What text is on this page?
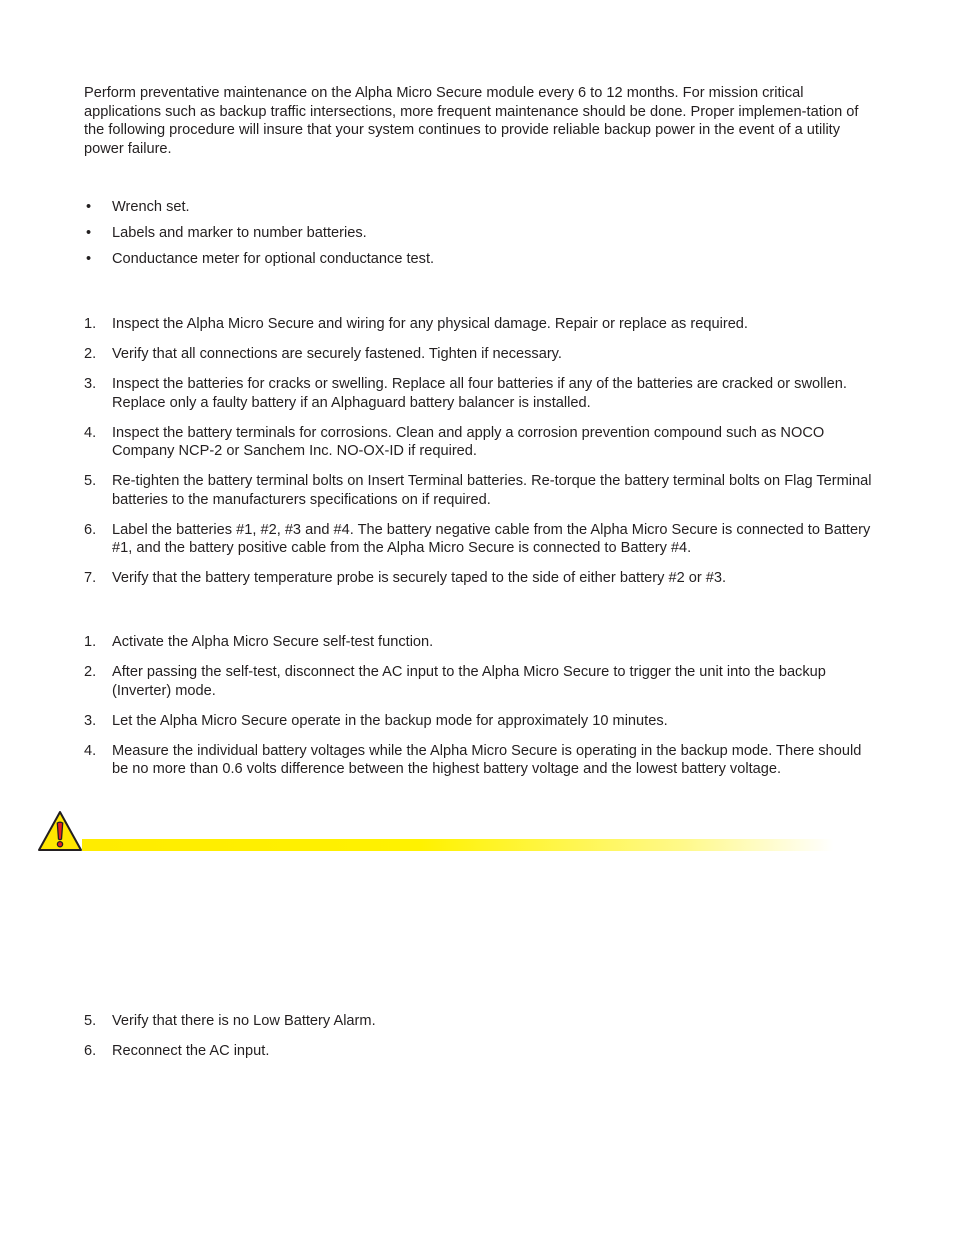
Perform preventative maintenance on the Alpha Micro Secure module every 6 to 12 months. For mission critical applications such as backup traffic intersections, more frequent maintenance should be done. Proper implemen-tation of the following procedure will insure that your system continues to provide reliable backup power in the event of a utility power failure.

• Wrench set.
• Labels and marker to number batteries.
• Conductance meter for optional conductance test.
1. Inspect the Alpha Micro Secure and wiring for any physical damage. Repair or replace as required.
2. Verify that all connections are securely fastened. Tighten if necessary.
3. Inspect the batteries for cracks or swelling. Replace all four batteries if any of the batteries are cracked or swollen. Replace only a faulty battery if an Alphaguard battery balancer is installed.
4. Inspect the battery terminals for corrosions. Clean and apply a corrosion prevention compound such as NOCO Company NCP-2 or Sanchem Inc. NO-OX-ID if required.
5. Re-tighten the battery terminal bolts on Insert Terminal batteries. Re-torque the battery terminal bolts on Flag Terminal batteries to the manufacturers specifications on if required.
6. Label the batteries #1, #2, #3 and #4. The battery negative cable from the Alpha Micro Secure is connected to Battery #1, and the battery positive cable from the Alpha Micro Secure is connected to Battery #4.
7. Verify that the battery temperature probe is securely taped to the side of either battery #2 or #3.
1. Activate the Alpha Micro Secure self-test function.
2. After passing the self-test, disconnect the AC input to the Alpha Micro Secure to trigger the unit into the backup (Inverter) mode.
3. Let the Alpha Micro Secure operate in the backup mode for approximately 10 minutes.
4. Measure the individual battery voltages while the Alpha Micro Secure is operating in the backup mode. There should be no more than 0.6 volts difference between the highest battery voltage and the lowest battery voltage.
5. Verify that there is no Low Battery Alarm.
6. Reconnect the AC input.
